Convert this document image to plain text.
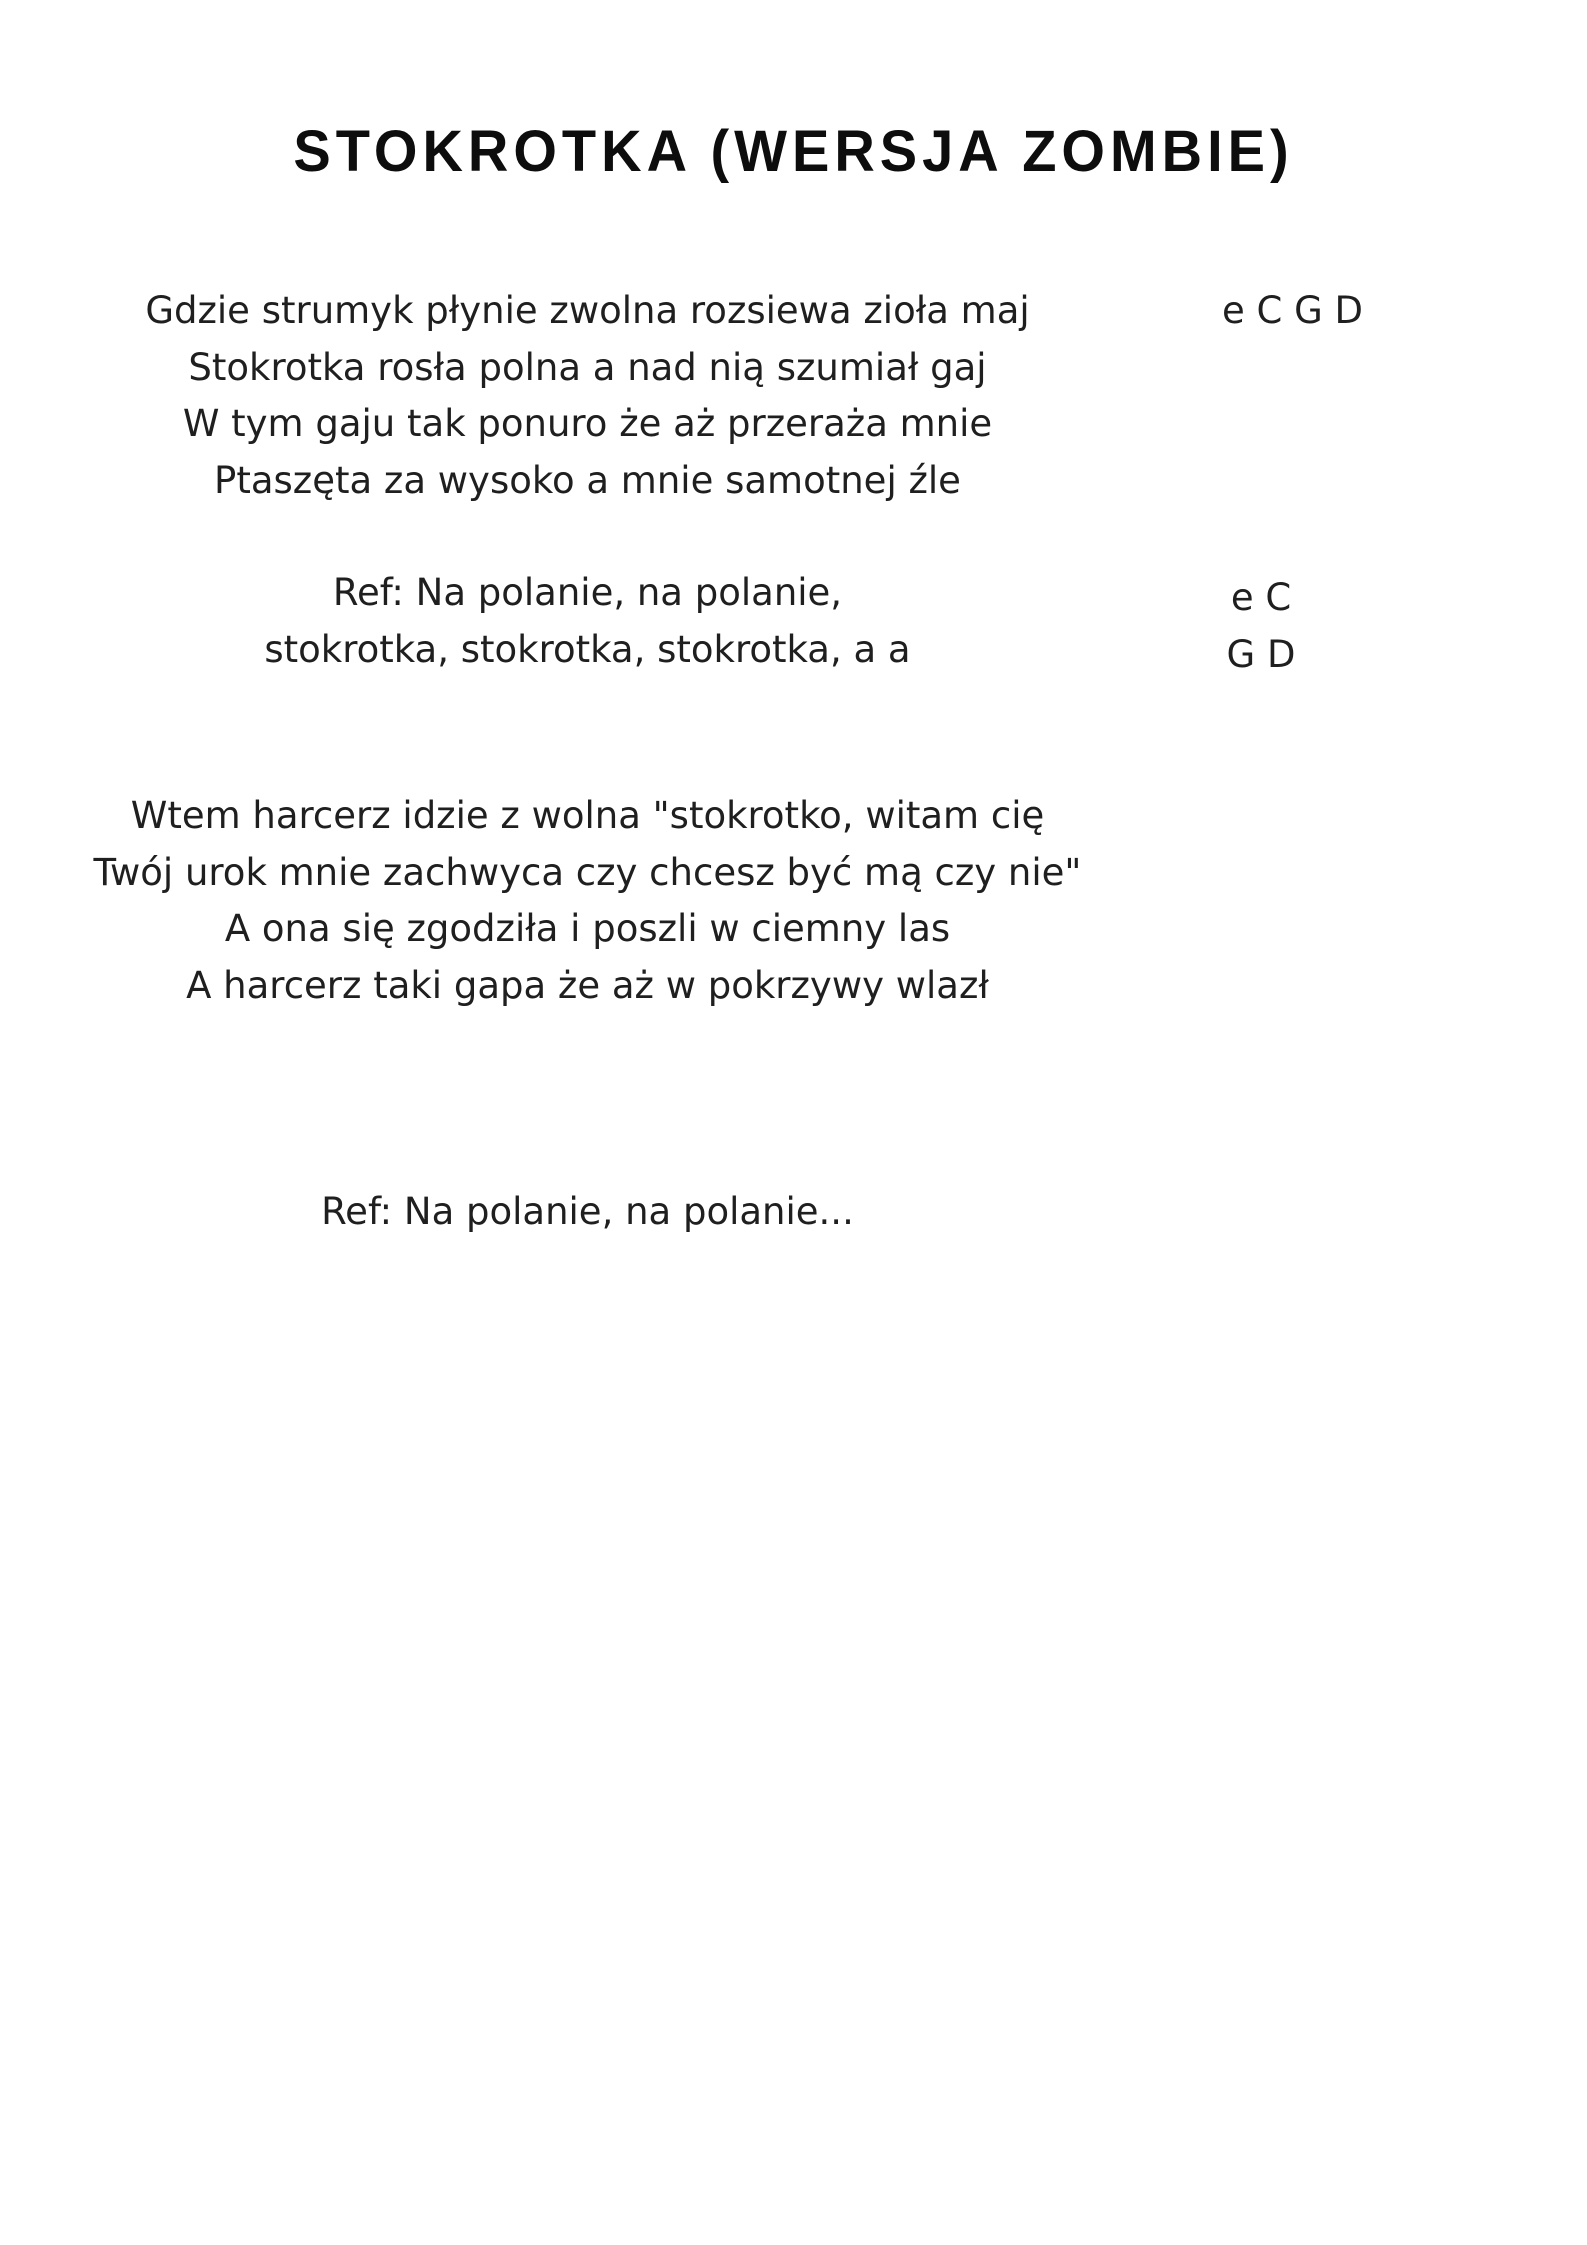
STOKROTKA (WERSJA ZOMBIE)
Gdzie strumyk płynie zwolna rozsiewa zioła maj
Stokrotka rosła polna a nad nią szumiał gaj
W tym gaju tak ponuro że aż przeraża mnie
Ptaszęta za wysoko a mnie samotnej źle
e C G D
Ref: Na polanie, na polanie,
stokrotka, stokrotka, stokrotka, a a
e C
G D
Wtem harcerz idzie z wolna "stokrotko, witam cię
Twój urok mnie zachwyca czy chcesz być mą czy nie"
A ona się zgodziła i poszli w ciemny las
A harcerz taki gapa że aż w pokrzywy wlazł
Ref: Na polanie, na polanie...
